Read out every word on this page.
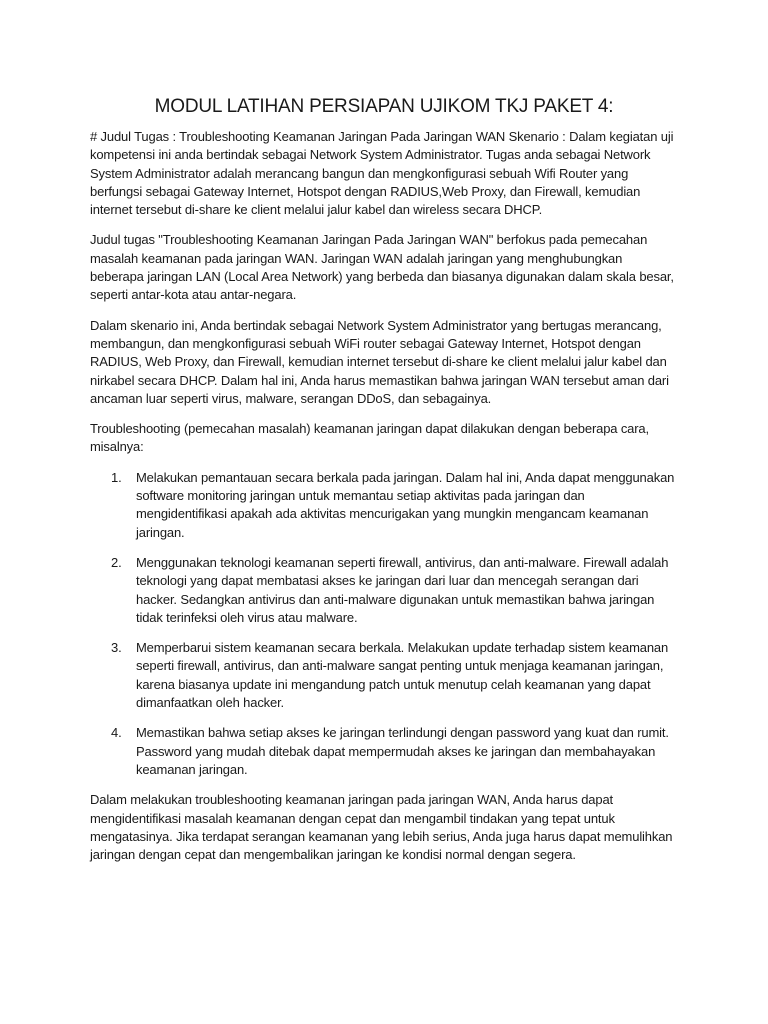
MODUL LATIHAN PERSIAPAN UJIKOM TKJ PAKET 4:

# Judul Tugas : Troubleshooting Keamanan Jaringan Pada Jaringan WAN Skenario : Dalam kegiatan uji kompetensi ini anda bertindak sebagai Network System Administrator. Tugas anda sebagai Network System Administrator adalah merancang bangun dan mengkonfigurasi sebuah Wifi Router yang berfungsi sebagai Gateway Internet, Hotspot dengan RADIUS,Web Proxy, dan Firewall, kemudian internet tersebut di-share ke client melalui jalur kabel dan wireless secara DHCP.

Judul tugas "Troubleshooting Keamanan Jaringan Pada Jaringan WAN" berfokus pada pemecahan masalah keamanan pada jaringan WAN. Jaringan WAN adalah jaringan yang menghubungkan beberapa jaringan LAN (Local Area Network) yang berbeda dan biasanya digunakan dalam skala besar, seperti antar-kota atau antar-negara.

Dalam skenario ini, Anda bertindak sebagai Network System Administrator yang bertugas merancang, membangun, dan mengkonfigurasi sebuah WiFi router sebagai Gateway Internet, Hotspot dengan RADIUS, Web Proxy, dan Firewall, kemudian internet tersebut di-share ke client melalui jalur kabel dan nirkabel secara DHCP. Dalam hal ini, Anda harus memastikan bahwa jaringan WAN tersebut aman dari ancaman luar seperti virus, malware, serangan DDoS, dan sebagainya.

Troubleshooting (pemecahan masalah) keamanan jaringan dapat dilakukan dengan beberapa cara, misalnya:

1. Melakukan pemantauan secara berkala pada jaringan. Dalam hal ini, Anda dapat menggunakan software monitoring jaringan untuk memantau setiap aktivitas pada jaringan dan mengidentifikasi apakah ada aktivitas mencurigakan yang mungkin mengancam keamanan jaringan.
2. Menggunakan teknologi keamanan seperti firewall, antivirus, dan anti-malware. Firewall adalah teknologi yang dapat membatasi akses ke jaringan dari luar dan mencegah serangan dari hacker. Sedangkan antivirus dan anti-malware digunakan untuk memastikan bahwa jaringan tidak terinfeksi oleh virus atau malware.
3. Memperbarui sistem keamanan secara berkala. Melakukan update terhadap sistem keamanan seperti firewall, antivirus, dan anti-malware sangat penting untuk menjaga keamanan jaringan, karena biasanya update ini mengandung patch untuk menutup celah keamanan yang dapat dimanfaatkan oleh hacker.
4. Memastikan bahwa setiap akses ke jaringan terlindungi dengan password yang kuat dan rumit. Password yang mudah ditebak dapat mempermudah akses ke jaringan dan membahayakan keamanan jaringan.

Dalam melakukan troubleshooting keamanan jaringan pada jaringan WAN, Anda harus dapat mengidentifikasi masalah keamanan dengan cepat dan mengambil tindakan yang tepat untuk mengatasinya. Jika terdapat serangan keamanan yang lebih serius, Anda juga harus dapat memulihkan jaringan dengan cepat dan mengembalikan jaringan ke kondisi normal dengan segera.
